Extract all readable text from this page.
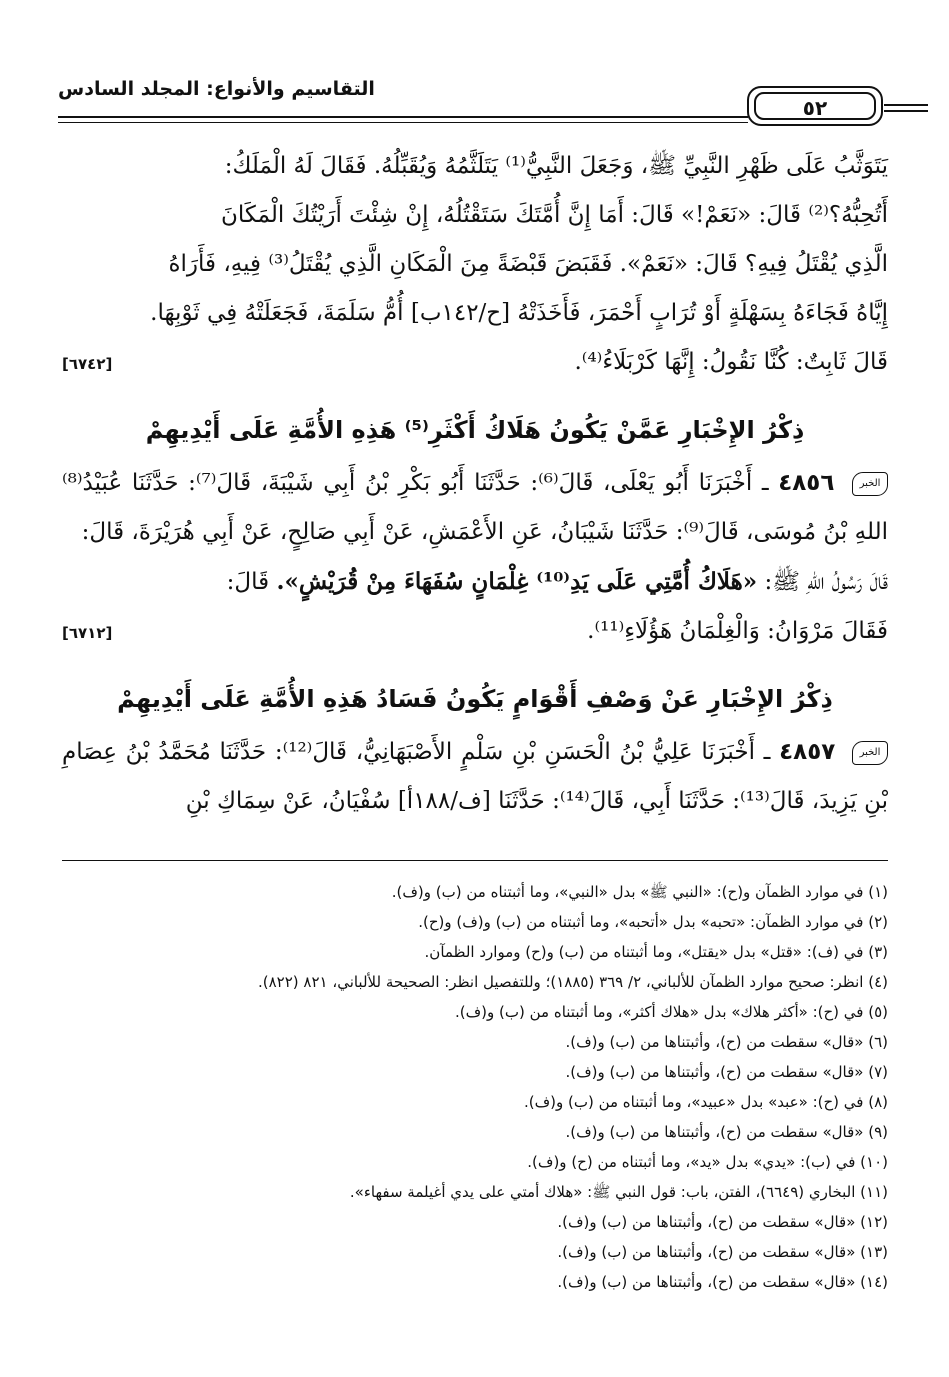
التقاسيم والأنواع: المجلد السادس
٥٢

يَتَوَثَّبُ عَلَى ظَهْرِ النَّبِيِّ ﷺ، وَجَعَلَ النَّبِيُّ⁽¹⁾ يَتَلَثَّمُهُ وَيُقَبِّلُهُ. فَقَالَ لَهُ الْمَلَكُ:

أَتُحِبُّهُ؟⁽²⁾ قَالَ: «نَعَمْ!» قَالَ: أَمَا إِنَّ أُمَّتَكَ سَتَقْتُلُهُ، إِنْ شِئْتَ أَرَيْتُكَ الْمَكَانَ

الَّذِي يُقْتَلُ فِيهِ؟ قَالَ: «نَعَمْ». فَقَبَضَ قَبْضَةً مِنَ الْمَكَانِ الَّذِي يُقْتَلُ⁽³⁾ فِيهِ، فَأَرَاهُ

إِيَّاهُ فَجَاءَهُ بِسَهْلَةٍ أَوْ تُرَابٍ أَحْمَرَ، فَأَخَذَتْهُ [ح/١٤٢ب] أُمُّ سَلَمَةَ، فَجَعَلَتْهُ فِي ثَوْبِهَا.

[٦٧٤٢]	قَالَ ثَابِتٌ: كُنَّا نَقُولُ: إِنَّهَا كَرْبَلَاءُ⁽⁴⁾.

ذِكْرُ الإِخْبَارِ عَمَّنْ يَكُونُ هَلَاكُ أَكْثَرِ⁽⁵⁾ هَذِهِ الأُمَّةِ عَلَى أَيْدِيهِمْ

الخبر ٤٨٥٦ ـ أَخْبَرَنَا أَبُو يَعْلَى، قَالَ⁽⁶⁾: حَدَّثَنَا أَبُو بَكْرِ بْنُ أَبِي شَيْبَةَ، قَالَ⁽⁷⁾: حَدَّثَنَا عُبَيْدُ⁽⁸⁾ اللهِ بْنُ مُوسَى، قَالَ⁽⁹⁾: حَدَّثَنَا شَيْبَانُ، عَنِ الأَعْمَشِ، عَنْ أَبِي صَالِحٍ، عَنْ أَبِي هُرَيْرَةَ، قَالَ:

قَالَ رَسُولُ اللهِ ﷺ: «هَلَاكُ أُمَّتِي عَلَى يَدِ⁽¹⁰⁾ غِلْمَانٍ سُفَهَاءَ مِنْ قُرَيْشٍ». قَالَ:

[٦٧١٢]	فَقَالَ مَرْوَانُ: وَالْغِلْمَانُ هَؤُلَاءِ⁽¹¹⁾.

ذِكْرُ الإِخْبَارِ عَنْ وَصْفِ أَقْوَامٍ يَكُونُ فَسَادُ هَذِهِ الأُمَّةِ عَلَى أَيْدِيهِمْ

الخبر ٤٨٥٧ ـ أَخْبَرَنَا عَلِيُّ بْنُ الْحَسَنِ بْنِ سَلْمٍ الأَصْبَهَانِيُّ، قَالَ⁽¹²⁾: حَدَّثَنَا مُحَمَّدُ بْنُ عِصَامِ بْنِ يَزِيدَ، قَالَ⁽¹³⁾: حَدَّثَنَا أَبِي، قَالَ⁽¹⁴⁾: حَدَّثَنَا [ف/١٨٨أ] سُفْيَانُ، عَنْ سِمَاكِ بْنِ

(١) في موارد الظمآن و(ح): «النبي ﷺ» بدل «النبي»، وما أثبتناه من (ب) و(ف).
(٢) في موارد الظمآن: «تحبه» بدل «أتحبه»، وما أثبتناه من (ب) و(ف) و(ح).
(٣) في (ف): «قتل» بدل «يقتل»، وما أثبتناه من (ب) و(ح) وموارد الظمآن.
(٤) انظر: صحيح موارد الظمآن للألباني، ٢/ ٣٦٩ (١٨٨٥)؛ وللتفصيل انظر: الصحيحة للألباني، ٨٢١ (٨٢٢).
(٥) في (ح): «أكثر هلاك» بدل «هلاك أكثر»، وما أثبتناه من (ب) و(ف).
(٦) «قال» سقطت من (ح)، وأثبتناها من (ب) و(ف).
(٧) «قال» سقطت من (ح)، وأثبتناها من (ب) و(ف).
(٨) في (ح): «عبد» بدل «عبيد»، وما أثبتناه من (ب) و(ف).
(٩) «قال» سقطت من (ح)، وأثبتناها من (ب) و(ف).
(١٠) في (ب): «يدي» بدل «يد»، وما أثبتناه من (ح) و(ف).
(١١) البخاري (٦٦٤٩)، الفتن، باب: قول النبي ﷺ: «هلاك أمتي على يدي أغيلمة سفهاء».
(١٢) «قال» سقطت من (ح)، وأثبتناها من (ب) و(ف).
(١٣) «قال» سقطت من (ح)، وأثبتناها من (ب) و(ف).
(١٤) «قال» سقطت من (ح)، وأثبتناها من (ب) و(ف).
